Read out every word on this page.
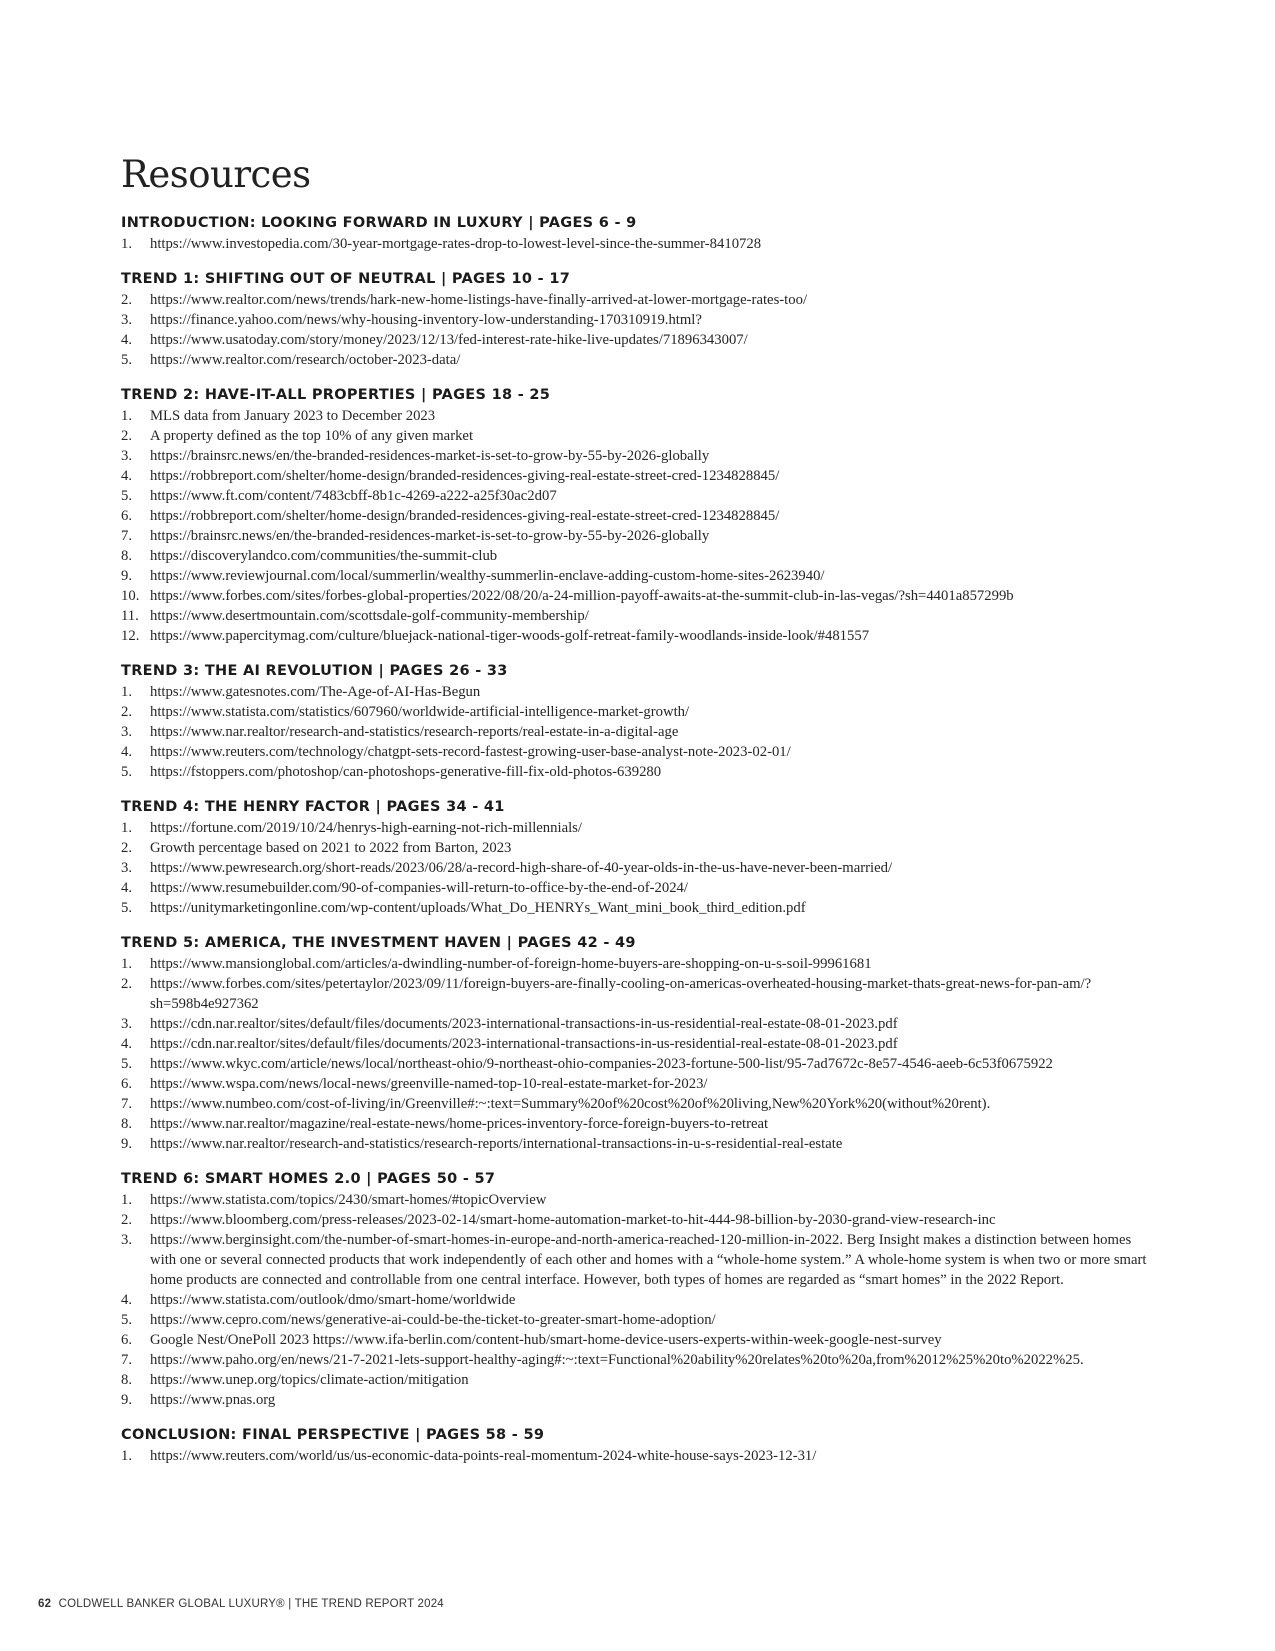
Resources
INTRODUCTION: LOOKING FORWARD IN LUXURY | PAGES 6 - 9
1.	https://www.investopedia.com/30-year-mortgage-rates-drop-to-lowest-level-since-the-summer-8410728
TREND 1: SHIFTING OUT OF NEUTRAL | PAGES 10 - 17
2.	https://www.realtor.com/news/trends/hark-new-home-listings-have-finally-arrived-at-lower-mortgage-rates-too/
3.	https://finance.yahoo.com/news/why-housing-inventory-low-understanding-170310919.html?
4.	https://www.usatoday.com/story/money/2023/12/13/fed-interest-rate-hike-live-updates/71896343007/
5.	https://www.realtor.com/research/october-2023-data/
TREND 2: HAVE-IT-ALL PROPERTIES | PAGES 18 - 25
1.	MLS data from January 2023 to December 2023
2.	A property defined as the top 10% of any given market
3.	https://brainsrc.news/en/the-branded-residences-market-is-set-to-grow-by-55-by-2026-globally
4.	https://robbreport.com/shelter/home-design/branded-residences-giving-real-estate-street-cred-1234828845/
5.	https://www.ft.com/content/7483cbff-8b1c-4269-a222-a25f30ac2d07
6.	https://robbreport.com/shelter/home-design/branded-residences-giving-real-estate-street-cred-1234828845/
7.	https://brainsrc.news/en/the-branded-residences-market-is-set-to-grow-by-55-by-2026-globally
8.	https://discoverylandco.com/communities/the-summit-club
9.	https://www.reviewjournal.com/local/summerlin/wealthy-summerlin-enclave-adding-custom-home-sites-2623940/
10. https://www.forbes.com/sites/forbes-global-properties/2022/08/20/a-24-million-payoff-awaits-at-the-summit-club-in-las-vegas/?sh=4401a857299b
11. https://www.desertmountain.com/scottsdale-golf-community-membership/
12. https://www.papercitymag.com/culture/bluejack-national-tiger-woods-golf-retreat-family-woodlands-inside-look/#481557
TREND 3: THE AI REVOLUTION | PAGES 26 - 33
1.	https://www.gatesnotes.com/The-Age-of-AI-Has-Begun
2.	https://www.statista.com/statistics/607960/worldwide-artificial-intelligence-market-growth/
3.	https://www.nar.realtor/research-and-statistics/research-reports/real-estate-in-a-digital-age
4.	https://www.reuters.com/technology/chatgpt-sets-record-fastest-growing-user-base-analyst-note-2023-02-01/
5.	https://fstoppers.com/photoshop/can-photoshops-generative-fill-fix-old-photos-639280
TREND 4: THE HENRY FACTOR | PAGES 34 - 41
1.	https://fortune.com/2019/10/24/henrys-high-earning-not-rich-millennials/
2.	Growth percentage based on 2021 to 2022 from Barton, 2023
3.	https://www.pewresearch.org/short-reads/2023/06/28/a-record-high-share-of-40-year-olds-in-the-us-have-never-been-married/
4.	https://www.resumebuilder.com/90-of-companies-will-return-to-office-by-the-end-of-2024/
5.	https://unitymarketingonline.com/wp-content/uploads/What_Do_HENRYs_Want_mini_book_third_edition.pdf
TREND 5: AMERICA, THE INVESTMENT HAVEN | PAGES 42 - 49
1.	https://www.mansionglobal.com/articles/a-dwindling-number-of-foreign-home-buyers-are-shopping-on-u-s-soil-99961681
2.	https://www.forbes.com/sites/petertaylor/2023/09/11/foreign-buyers-are-finally-cooling-on-americas-overheated-housing-market-thats-great-news-for-pan-am/?sh=598b4e927362
3.	https://cdn.nar.realtor/sites/default/files/documents/2023-international-transactions-in-us-residential-real-estate-08-01-2023.pdf
4.	https://cdn.nar.realtor/sites/default/files/documents/2023-international-transactions-in-us-residential-real-estate-08-01-2023.pdf
5.	https://www.wkyc.com/article/news/local/northeast-ohio/9-northeast-ohio-companies-2023-fortune-500-list/95-7ad7672c-8e57-4546-aeeb-6c53f0675922
6.	https://www.wspa.com/news/local-news/greenville-named-top-10-real-estate-market-for-2023/
7.	https://www.numbeo.com/cost-of-living/in/Greenville#:~:text=Summary%20of%20cost%20of%20living,New%20York%20(without%20rent).
8.	https://www.nar.realtor/magazine/real-estate-news/home-prices-inventory-force-foreign-buyers-to-retreat
9.	https://www.nar.realtor/research-and-statistics/research-reports/international-transactions-in-u-s-residential-real-estate
TREND 6: SMART HOMES 2.0 | PAGES 50 - 57
1.	https://www.statista.com/topics/2430/smart-homes/#topicOverview
2.	https://www.bloomberg.com/press-releases/2023-02-14/smart-home-automation-market-to-hit-444-98-billion-by-2030-grand-view-research-inc
3.	https://www.berginsight.com/the-number-of-smart-homes-in-europe-and-north-america-reached-120-million-in-2022. Berg Insight makes a distinction between homes with one or several connected products that work independently of each other and homes with a “whole-home system.” A whole-home system is when two or more smart home products are connected and controllable from one central interface. However, both types of homes are regarded as “smart homes” in the 2022 Report.
4.	https://www.statista.com/outlook/dmo/smart-home/worldwide
5.	https://www.cepro.com/news/generative-ai-could-be-the-ticket-to-greater-smart-home-adoption/
6.	Google Nest/OnePoll 2023 https://www.ifa-berlin.com/content-hub/smart-home-device-users-experts-within-week-google-nest-survey
7.	https://www.paho.org/en/news/21-7-2021-lets-support-healthy-aging#:~:text=Functional%20ability%20relates%20to%20a,from%2012%25%20to%2022%25.
8.	https://www.unep.org/topics/climate-action/mitigation
9.	https://www.pnas.org
CONCLUSION: FINAL PERSPECTIVE | PAGES 58 - 59
1.	https://www.reuters.com/world/us/us-economic-data-points-real-momentum-2024-white-house-says-2023-12-31/
62 COLDWELL BANKER GLOBAL LUXURY® | THE TREND REPORT 2024
